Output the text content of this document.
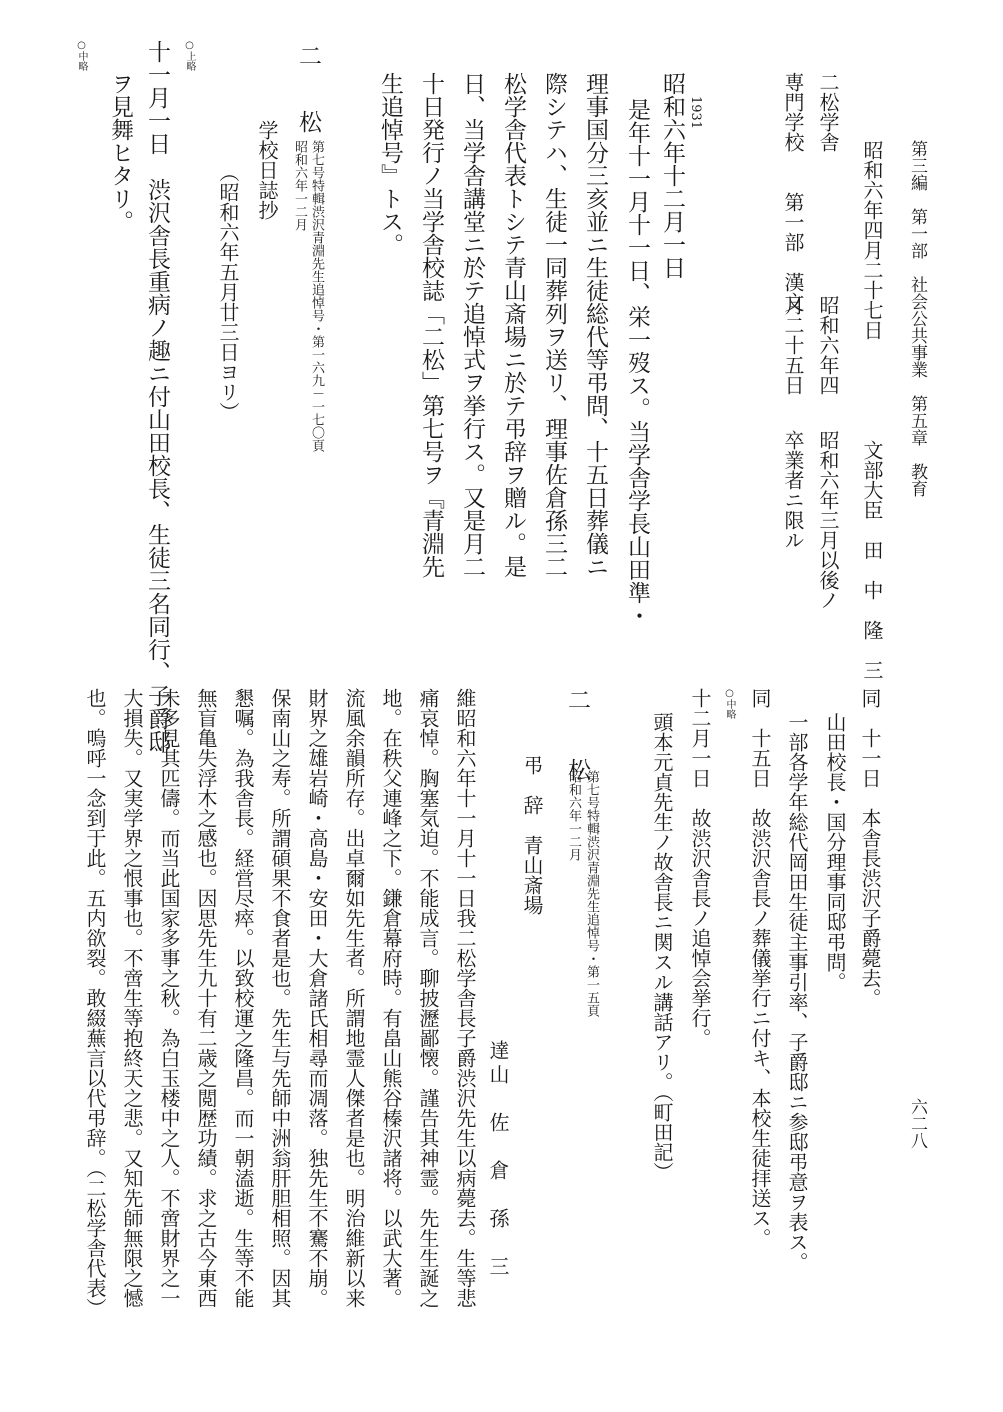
第三編　第一部　社会公共事業　第五章　教育
六二八
昭和六年四月二十七日　　　　　文部大臣　田　中　隆　三
二松学舎
昭和六年四
昭和六年三月以後ノ
専門学校　　第一部　漢文
月二十五日
卒業者ニ限ル
1931
昭和六年十二月一日
是年十一月十一日、栄一歿ス。当学舎学長山田準・
理事国分三亥並ニ生徒総代等弔問、十五日葬儀ニ
際シテハ、生徒一同葬列ヲ送リ、理事佐倉孫三二
松学舎代表トシテ青山斎場ニ於テ弔辞ヲ贈ル。是
日、当学舎講堂ニ於テ追悼式ヲ挙行ス。又是月二
十日発行ノ当学舎校誌「二松」第七号ヲ『青淵先
生追悼号』トス。
二　松
第七号特輯渋沢青淵先生追悼号・第一六九－一七〇頁
昭和六年一二月
学校日誌抄
（昭和六年五月廿三日ヨリ）
○上略
十一月一日　渋沢舎長重病ノ趣ニ付山田校長、生徒三名同行、子爵邸
ヲ見舞ヒタリ。
○中略
同　十一日　本舎長渋沢子爵薨去。
山田校長・国分理事同邸弔問。
一部各学年総代岡田生徒主事引率、子爵邸ニ参邸弔意ヲ表ス。
同　十五日　故渋沢舎長ノ葬儀挙行ニ付キ、本校生徒拝送ス。
○中略
十二月一日　故渋沢舎長ノ追悼会挙行。
頭本元貞先生ノ故舎長ニ関スル講話アリ。（町田記）
二　松
第七号特輯渋沢青淵先生追悼号・第一五頁
昭和六年一二月
弔　辞　青山斎場
達山　佐　倉　孫　三
維昭和六年十一月十一日我二松学舎長子爵渋沢先生以病薨去。生等悲
痛哀悼。胸塞気迫。不能成言。聊披瀝鄙懐。謹告其神霊。先生生誕之
地。在秩父連峰之下。鎌倉幕府時。有畠山熊谷榛沢諸将。以武大著。
流風余韻所存。出卓爾如先生者。所謂地霊人傑者是也。明治維新以来
財界之雄岩崎・高島・安田・大倉諸氏相尋而凋落。独先生不騫不崩。
保南山之寿。所謂碩果不食者是也。先生与先師中洲翁肝胆相照。因其
懇嘱。為我舎長。経営尽瘁。以致校運之隆昌。而一朝溘逝。生等不能
無盲亀失浮木之感也。因思先生九十有二歳之閲歴功績。求之古今東西
未多見其匹儔。而当此国家多事之秋。為白玉楼中之人。不啻財界之一
大損失。又実学界之恨事也。不啻生等抱終天之悲。又知先師無限之憾
也。嗚呼一念到于此。五内欲裂。敢綴蕪言以代弔辞。（二松学舎代表）
